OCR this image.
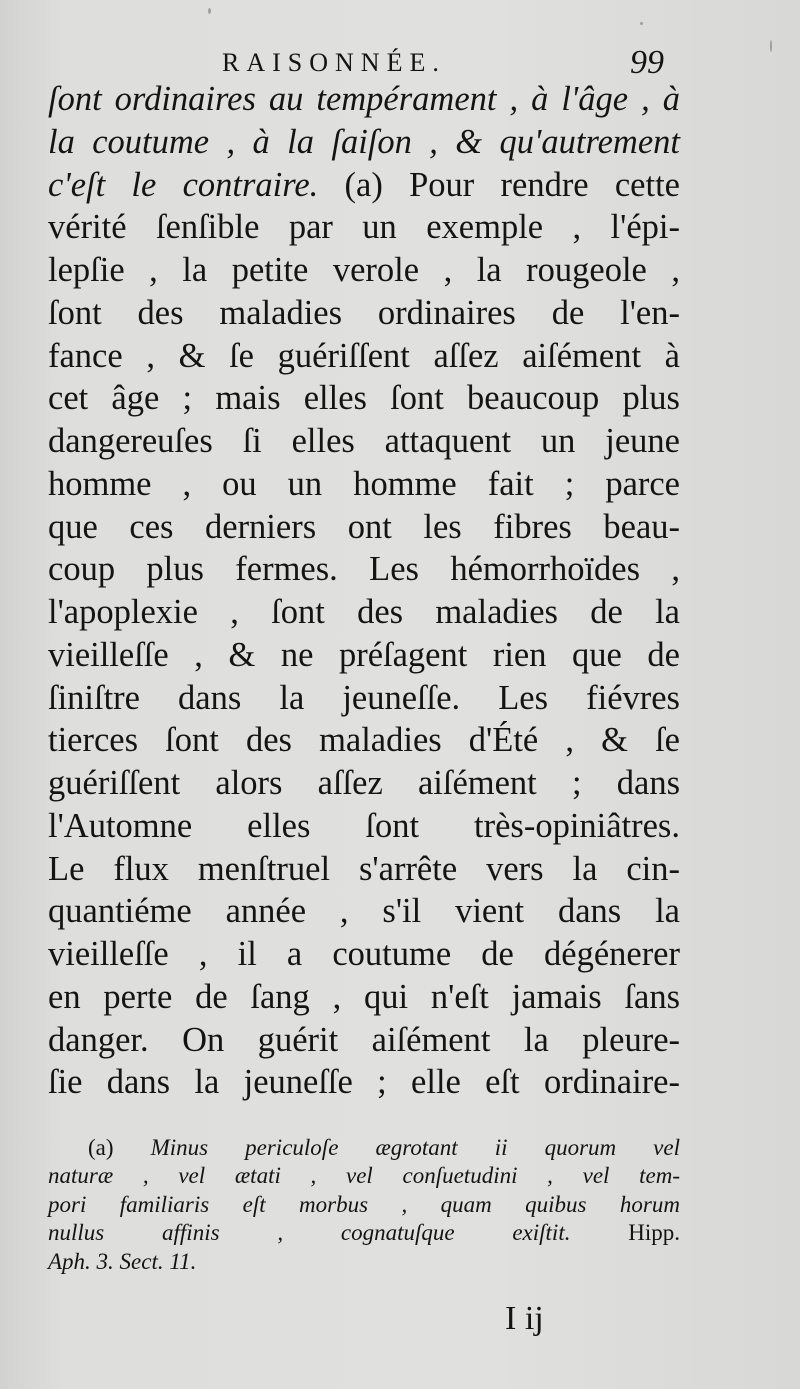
RAISONNÉE.	99
ſont ordinaires au tempérament , à l'âge , à
la coutume , à la ſaiſon , & qu'autrement
c'eſt le contraire. (a) Pour rendre cette
vérité ſenſible par un exemple , l'épi-
lepſie , la petite verole , la rougeole ,
ſont des maladies ordinaires de l'en-
fance , & ſe guériſſent aſſez aiſément à
cet âge ; mais elles ſont beaucoup plus
dangereuſes ſi elles attaquent un jeune
homme , ou un homme fait ; parce
que ces derniers ont les fibres beau-
coup plus fermes. Les hémorrhoïdes ,
l'apoplexie , ſont des maladies de la
vieilleſſe , & ne préſagent rien que de
ſiniſtre dans la jeuneſſe. Les fiévres
tierces ſont des maladies d'Été , & ſe
guériſſent alors aſſez aiſément ; dans
l'Automne elles ſont très-opiniâtres.
Le flux menſtruel s'arrête vers la cin-
quantiéme année , s'il vient dans la
vieilleſſe , il a coutume de dégénerer
en perte de ſang , qui n'eſt jamais ſans
danger. On guérit aiſément la pleure-
ſie dans la jeuneſſe ; elle eſt ordinaire-
(a) Minus periculoſe ægrotant ii quorum vel
naturæ , vel ætati , vel conſuetudini , vel tem-
pori familiaris eſt morbus , quam quibus horum
nullus affinis , cognatuſque exiſtit. Hipp.
Aph. 3. Sect. 11.
I ij
